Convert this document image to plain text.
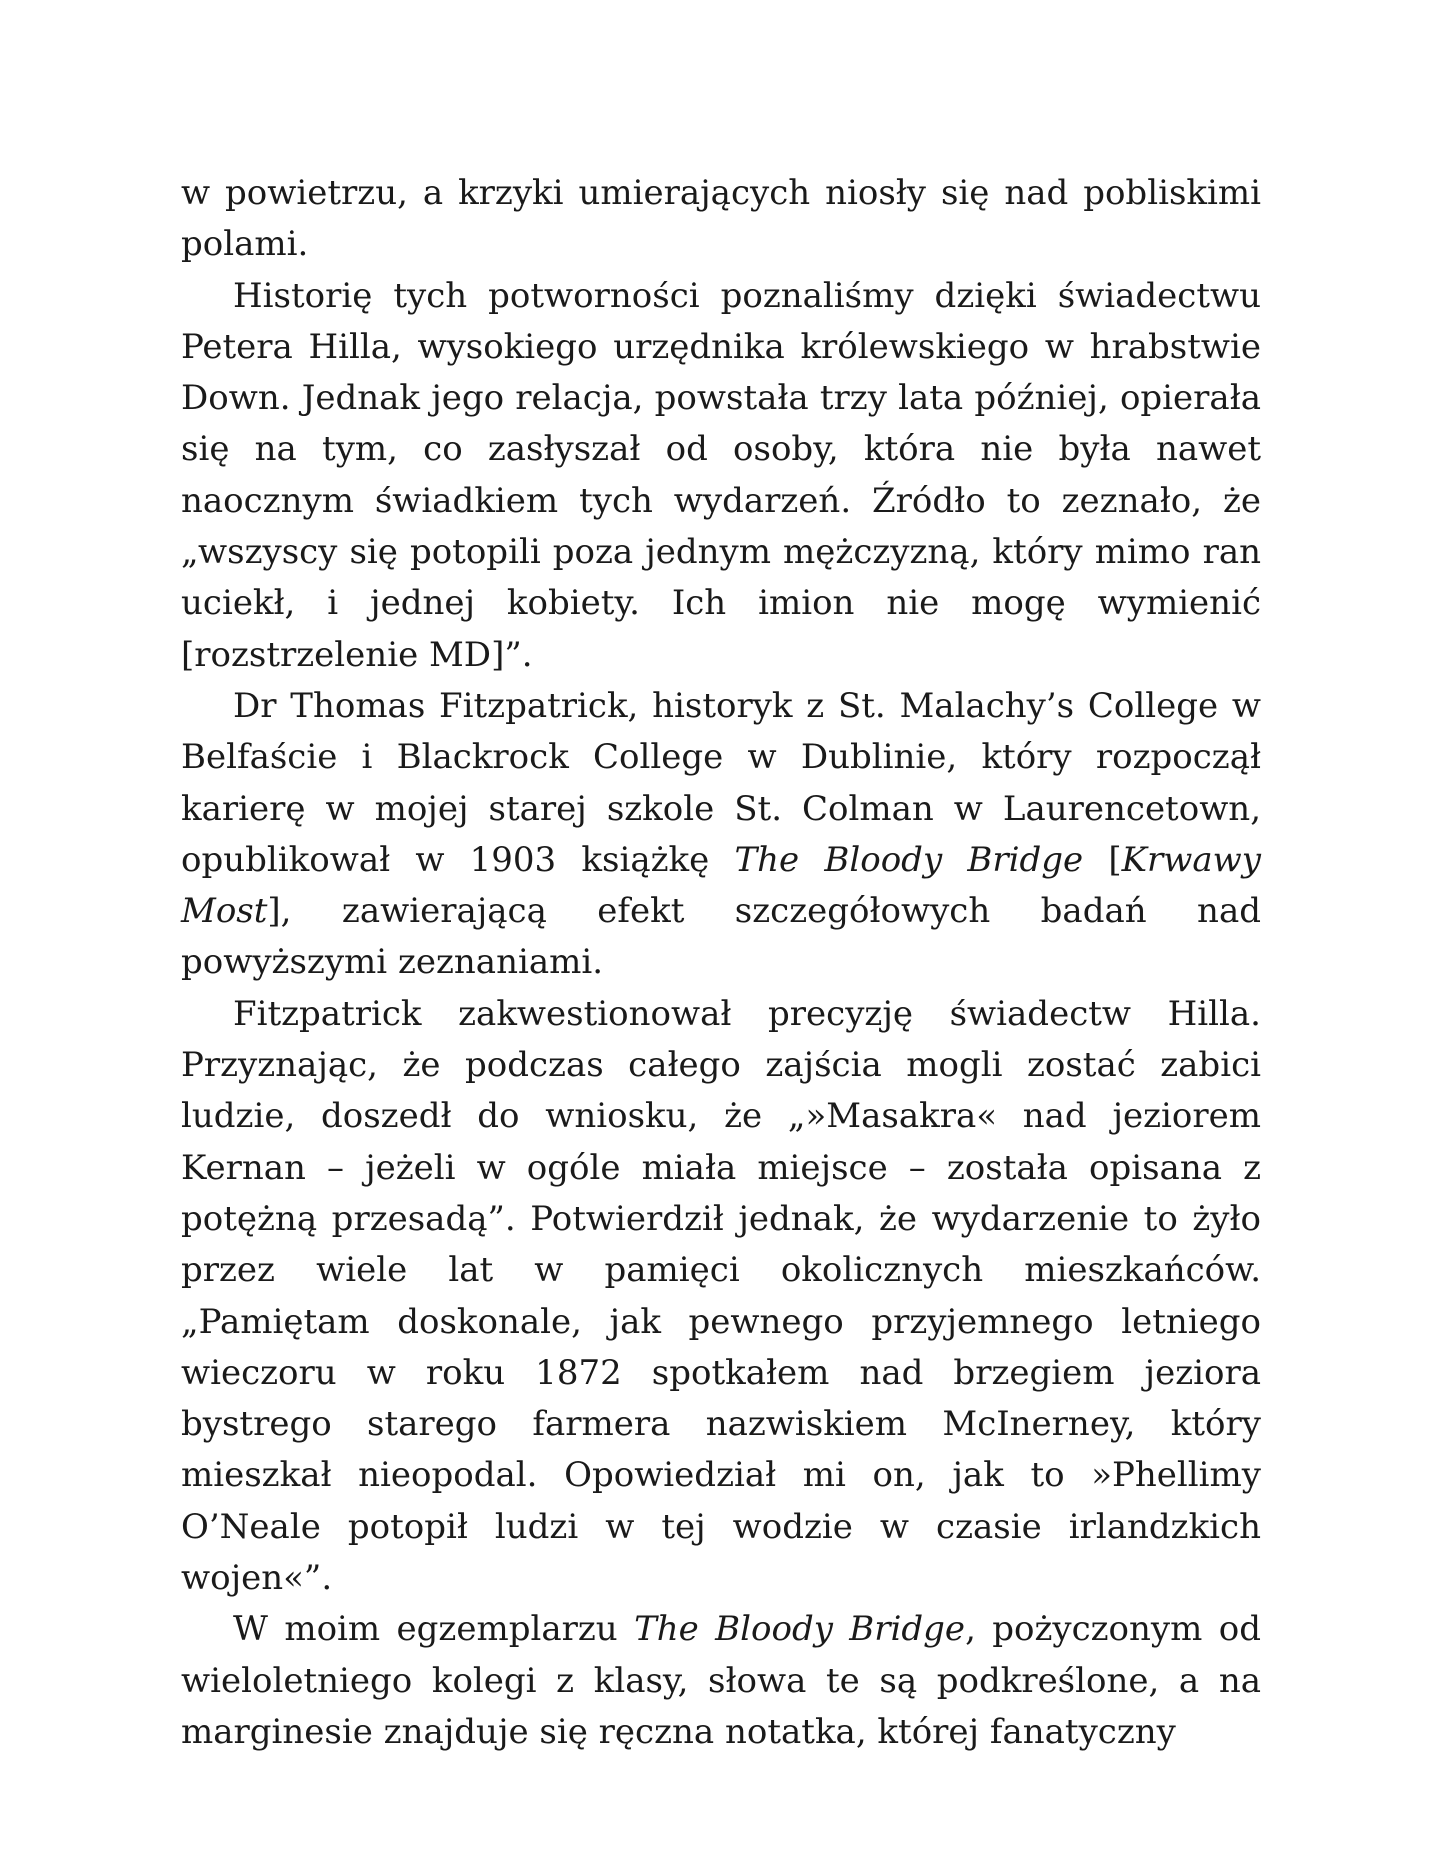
w powietrzu, a krzyki umierających niosły się nad pobliskimi polami.

Historię tych potworności poznaliśmy dzięki świadectwu Petera Hilla, wysokiego urzędnika królewskiego w hrabstwie Down. Jednak jego relacja, powstała trzy lata później, opierała się na tym, co zasłyszał od osoby, która nie była nawet naocznym świadkiem tych wydarzeń. Źródło to zeznało, że „wszyscy się potopili poza jednym mężczyzną, który mimo ran uciekł, i jednej kobiety. Ich imion nie mogę wymienić [rozstrzelenie MD]”.

Dr Thomas Fitzpatrick, historyk z St. Malachy’s College w Belfaście i Blackrock College w Dublinie, który rozpoczął karierę w mojej starej szkole St. Colman w Laurencetown, opublikował w 1903 książkę The Bloody Bridge [Krwawy Most], zawierającą efekt szczegółowych badań nad powyższymi zeznaniami.

Fitzpatrick zakwestionował precyzję świadectw Hilla. Przyznając, że podczas całego zajścia mogli zostać zabici ludzie, doszedł do wniosku, że „»Masakra« nad jeziorem Kernan – jeżeli w ogóle miała miejsce – została opisana z potężną przesadą”. Potwierdził jednak, że wydarzenie to żyło przez wiele lat w pamięci okolicznych mieszkańców. „Pamiętam doskonale, jak pewnego przyjemnego letniego wieczoru w roku 1872 spotkałem nad brzegiem jeziora bystrego starego farmera nazwiskiem McInerney, który mieszkał nieopodal. Opowiedział mi on, jak to »Phellimy O’Neale potopił ludzi w tej wodzie w czasie irlandzkich wojen«”.

W moim egzemplarzu The Bloody Bridge, pożyczonym od wieloletniego kolegi z klasy, słowa te są podkreślone, a na marginesie znajduje się ręczna notatka, której fanatyczny
